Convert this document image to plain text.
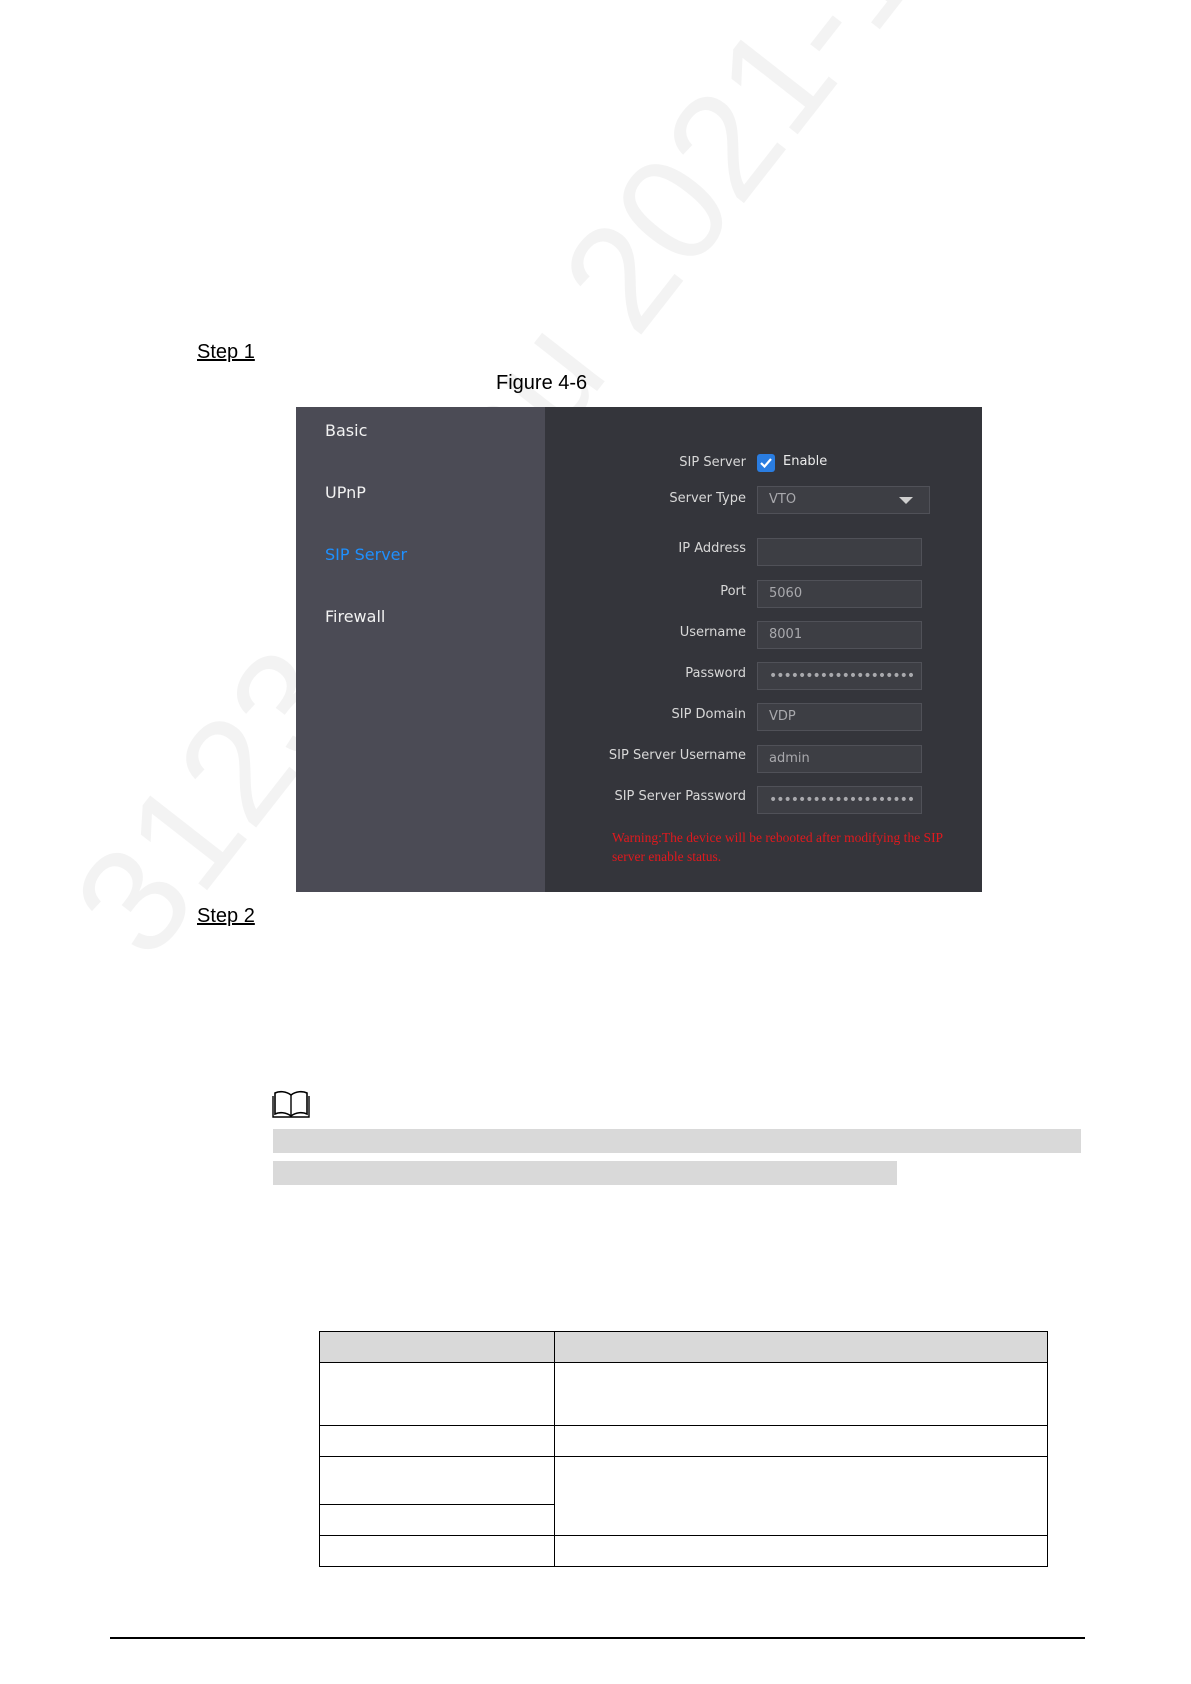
Step 1
Figure 4-6
Basic
UPnP
SIP Server
Firewall
SIP Server	Enable
Server Type	VTO
IP Address
Port	5060
Username	8001
Password	••••••••••••••••••••
SIP Domain	VDP
SIP Server Username	admin
SIP Server Password	••••••••••••••••••••
Warning:The device will be rebooted after modifying the SIP server enable status.
Step 2
